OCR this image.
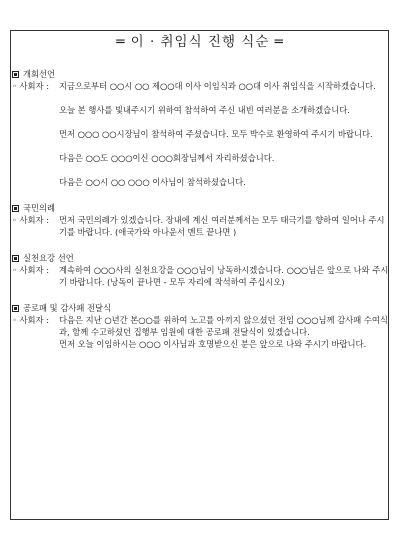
═ 이 · 취임식 진행 식순 ═
개회선언
◦ 사회자 :	지금으로부터 ○○시 ○○ 제○○대 이사 이임식과 ○○대 이사 취임식을 시작하겠습니다.

오늘 본 행사를 빛내주시기 위하여 참석하여 주신 내빈 여러분을 소개하겠습니다.

먼저 ○○○ ○○시장님이 참석하여 주셨습니다. 모두 박수로 환영하여 주시기 바랍니다.

다음은 ○○도 ○○○이신 ○○○회장님께서 자리하셨습니다.

다음은 ○○시 ○○ ○○○ 이사님이 참석하셨습니다.

국민의례
◦ 사회자 :	먼저 국민의례가 있겠습니다. 장내에 계신 여러분께서는 모두 태극기를 향하여 일어나 주시기를 바랍니다. (애국가와 아나운서 멘트 끝나면 )

실천요강 선언
◦ 사회자 :	계속하여 ○○○사의 실천요강을 ○○○님이 낭독하시겠습니다. ○○○님은 앞으로 나와 주시기 바랍니다. (낭독이 끝나면 - 모두 자리에 착석하여 주십시오)

공로패 및 감사패 전달식
◦ 사회자 :	다음은 지난 ○년간 본○○를 위하여 노고를 아끼지 않으셨던 전임 ○○○님께 감사패 수여식과, 함께 수고하셨던 집행부 임원에 대한 공로패 전달식이 있겠습니다.

먼저 오늘 이임하시는 ○○○ 이사님과 호명받으신 분은 앞으로 나와 주시기 바랍니다.
